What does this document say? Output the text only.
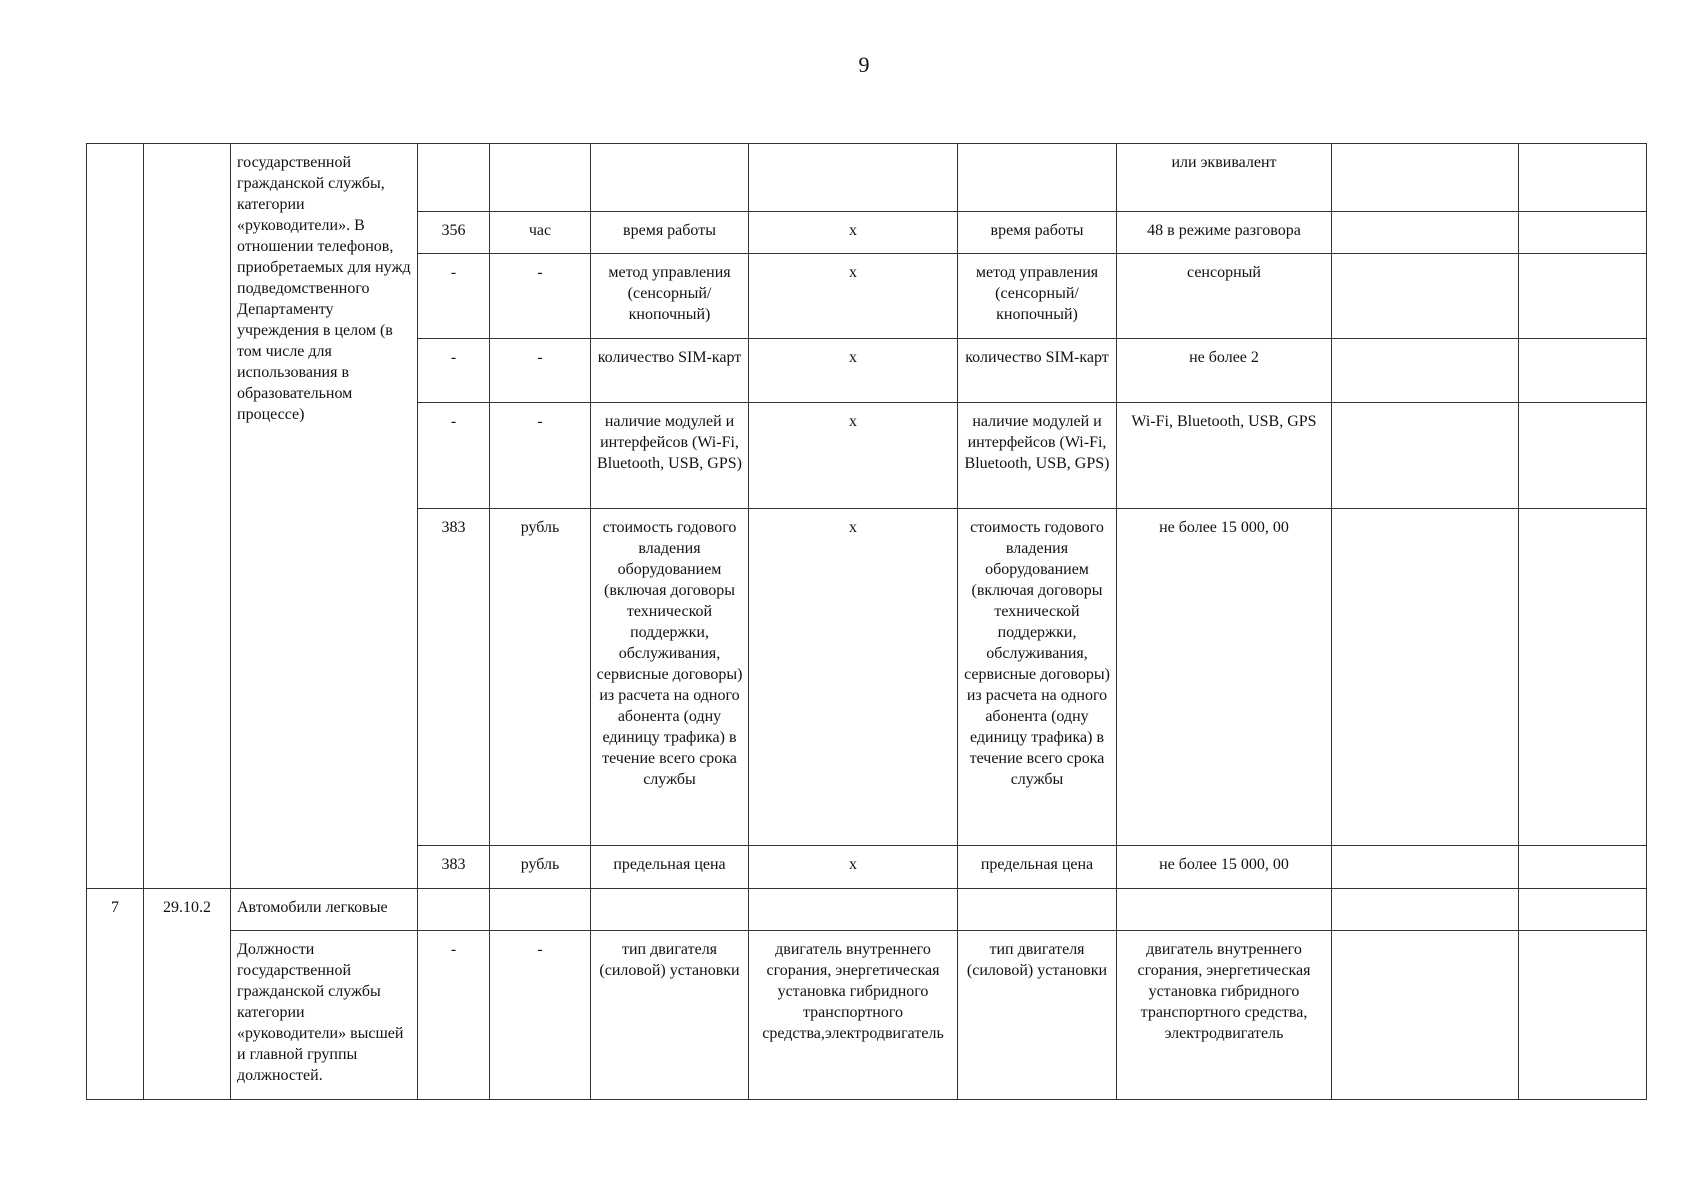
9
		государственной гражданской службы, категории «руководители». В отношении телефонов, приобретаемых для нужд подведомственного Департаменту учреждения в целом (в том числе для использования в образовательном процессе)						или эквивалент		
			356	час	время работы	x	время работы	48 в режиме разговора		
			-	-	метод управления (сенсорный/ кнопочный)	x	метод управления (сенсорный/ кнопочный)	сенсорный		
			-	-	количество SIM-карт	x	количество SIM-карт	не более 2		
			-	-	наличие модулей и интерфейсов (Wi-Fi, Bluetooth, USB, GPS)	x	наличие модулей и интерфейсов (Wi-Fi, Bluetooth, USB, GPS)	Wi-Fi, Bluetooth, USB, GPS		
			383	рубль	стоимость годового владения оборудованием (включая договоры технической поддержки, обслуживания, сервисные договоры) из расчета на одного абонента (одну единицу трафика) в течение всего срока службы	x	стоимость годового владения оборудованием (включая договоры технической поддержки, обслуживания, сервисные договоры) из расчета на одного абонента (одну единицу трафика) в течение всего срока службы	не более 15 000, 00		
			383	рубль	предельная цена	x	предельная цена	не более 15 000, 00		
7	29.10.2	Автомобили легковые								
		Должности государственной гражданской службы категории «руководители» высшей и главной группы должностей.	-	-	тип двигателя (силовой) установки	двигатель внутреннего сгорания, энергетическая установка гибридного транспортного средства,электродвигатель	тип двигателя (силовой) установки	двигатель внутреннего сгорания, энергетическая установка гибридного транспортного средства, электродвигатель		
